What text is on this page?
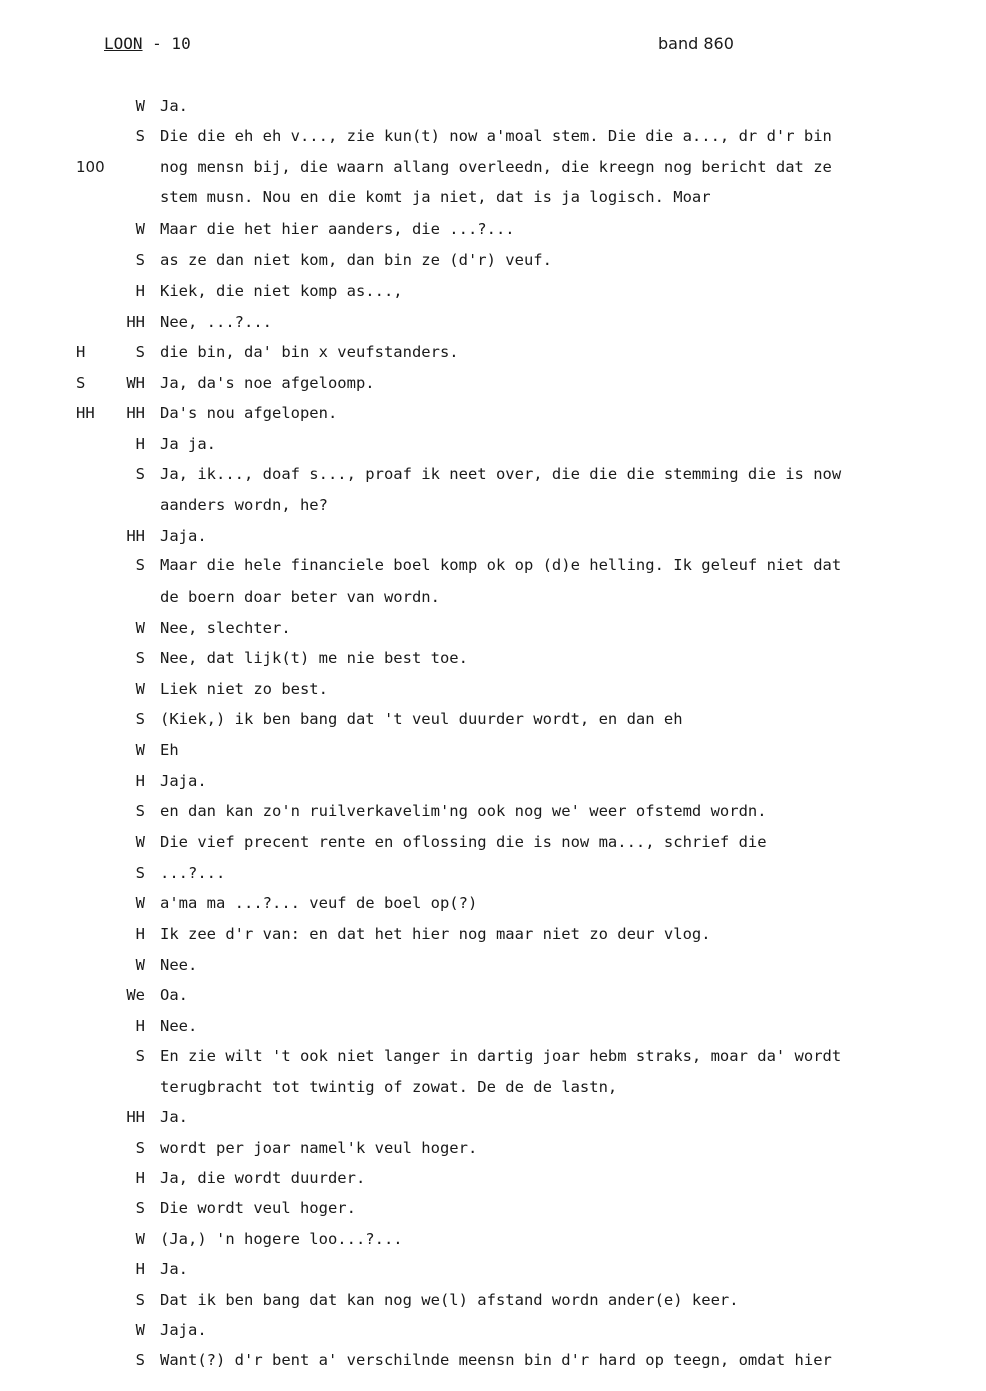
LOON - 10	band 860
W Ja.
S Die die eh eh v..., zie kun(t) now a'moal stem. Die die a..., dr d'r bin
100	nog mensn bij, die waarn allang overleedn, die kreegn nog bericht dat ze
stem musn. Nou en die komt ja niet, dat is ja logisch. Moar
W Maar die het hier aanders, die ...?...
S as ze dan niet kom, dan bin ze (d'r) veuf.
H Kiek, die niet komp as...,
HH Nee, ...?...
H	S die bin, da' bin x veufstanders.
S	WH Ja, da's noe afgeloomp.
HH	HH Da's nou afgelopen.
H Ja ja.
S Ja, ik..., doaf s..., proaf ik neet over, die die die stemming die is now
aanders wordn, he?
HH Jaja.
S Maar die hele financiele boel komp ok op (d)e helling. Ik geleuf niet dat
de boern doar beter van wordn.
W Nee, slechter.
S Nee, dat lijk(t) me nie best toe.
W Liek niet zo best.
S (Kiek,) ik ben bang dat 't veul duurder wordt, en dan eh
W Eh
H Jaja.
S en dan kan zo'n ruilverkavelim'ng ook nog we' weer ofstemd wordn.
W Die vief precent rente en oflossing die is now ma..., schrief die
S ...?...
W a'ma ma ...?... veuf de boel op(?)
H Ik zee d'r van: en dat het hier nog maar niet zo deur vlog.
W Nee.
We Oa.
H Nee.
S En zie wilt 't ook niet langer in dartig joar hebm straks, moar da' wordt
terugbracht tot twintig of zowat. De de de lastn,
HH Ja.
S wordt per joar namel'k veul hoger.
H Ja, die wordt duurder.
S Die wordt veul hoger.
W (Ja,) 'n hogere loo...?...
H Ja.
S Dat ik ben bang dat kan nog we(l) afstand wordn ander(e) keer.
W Jaja.
S Want(?) d'r bent a' verschilnde meensn bin d'r hard op teegn, omdat hier
